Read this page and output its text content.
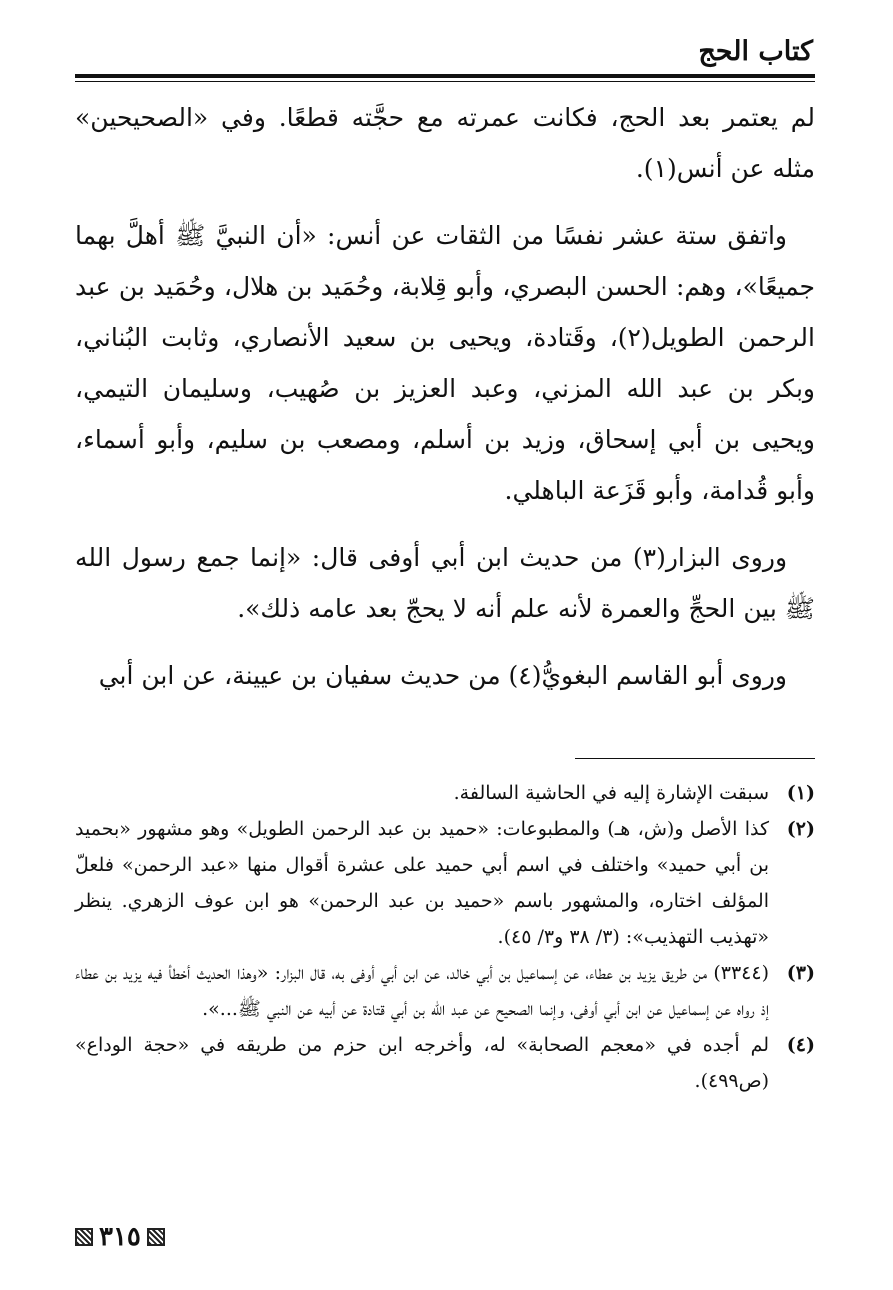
كتاب الحج

لم يعتمر بعد الحج، فكانت عمرته مع حجَّته قطعًا. وفي «الصحيحين» مثله عن أنس(١).

واتفق ستة عشر نفسًا من الثقات عن أنس: «أن النبيَّ ﷺ أهلَّ بهما جميعًا»، وهم: الحسن البصري، وأبو قِلابة، وحُمَيد بن هلال، وحُمَيد بن عبد الرحمن الطويل(٢)، وقَتادة، ويحيى بن سعيد الأنصاري، وثابت البُناني، وبكر بن عبد الله المزني، وعبد العزيز بن صُهيب، وسليمان التيمي، ويحيى بن أبي إسحاق، وزيد بن أسلم، ومصعب بن سليم، وأبو أسماء، وأبو قُدامة، وأبو قَزَعة الباهلي.

وروى البزار(٣) من حديث ابن أبي أوفى قال: «إنما جمع رسول الله ﷺ بين الحجِّ والعمرة لأنه علم أنه لا يحجّ بعد عامه ذلك».

وروى أبو القاسم البغويُّ(٤) من حديث سفيان بن عيينة، عن ابن أبي

(١)
سبقت الإشارة إليه في الحاشية السالفة.
(٢)
كذا الأصل و(ش، هـ) والمطبوعات: «حميد بن عبد الرحمن الطويل» وهو مشهور «بحميد بن أبي حميد» واختلف في اسم أبي حميد على عشرة أقوال منها «عبد الرحمن» فلعلّ المؤلف اختاره، والمشهور باسم «حميد بن عبد الرحمن» هو ابن عوف الزهري. ينظر «تهذيب التهذيب»: (٣/ ٣٨ و٣/ ٤٥).
(٣)
(٣٣٤٤) من طريق يزيد بن عطاء، عن إسماعيل بن أبي خالد، عن ابن أبي أوفى به، قال البزار: «وهذا الحديث أخطأ فيه يزيد بن عطاء إذ رواه عن إسماعيل عن ابن أبي أوفى، وإنما الصحيح عن عبد الله بن أبي قتادة عن أبيه عن النبي ﷺ...».
(٤)
لم أجده في «معجم الصحابة» له، وأخرجه ابن حزم من طريقه في «حجة الوداع» (ص٤٩٩).
٣١٥
